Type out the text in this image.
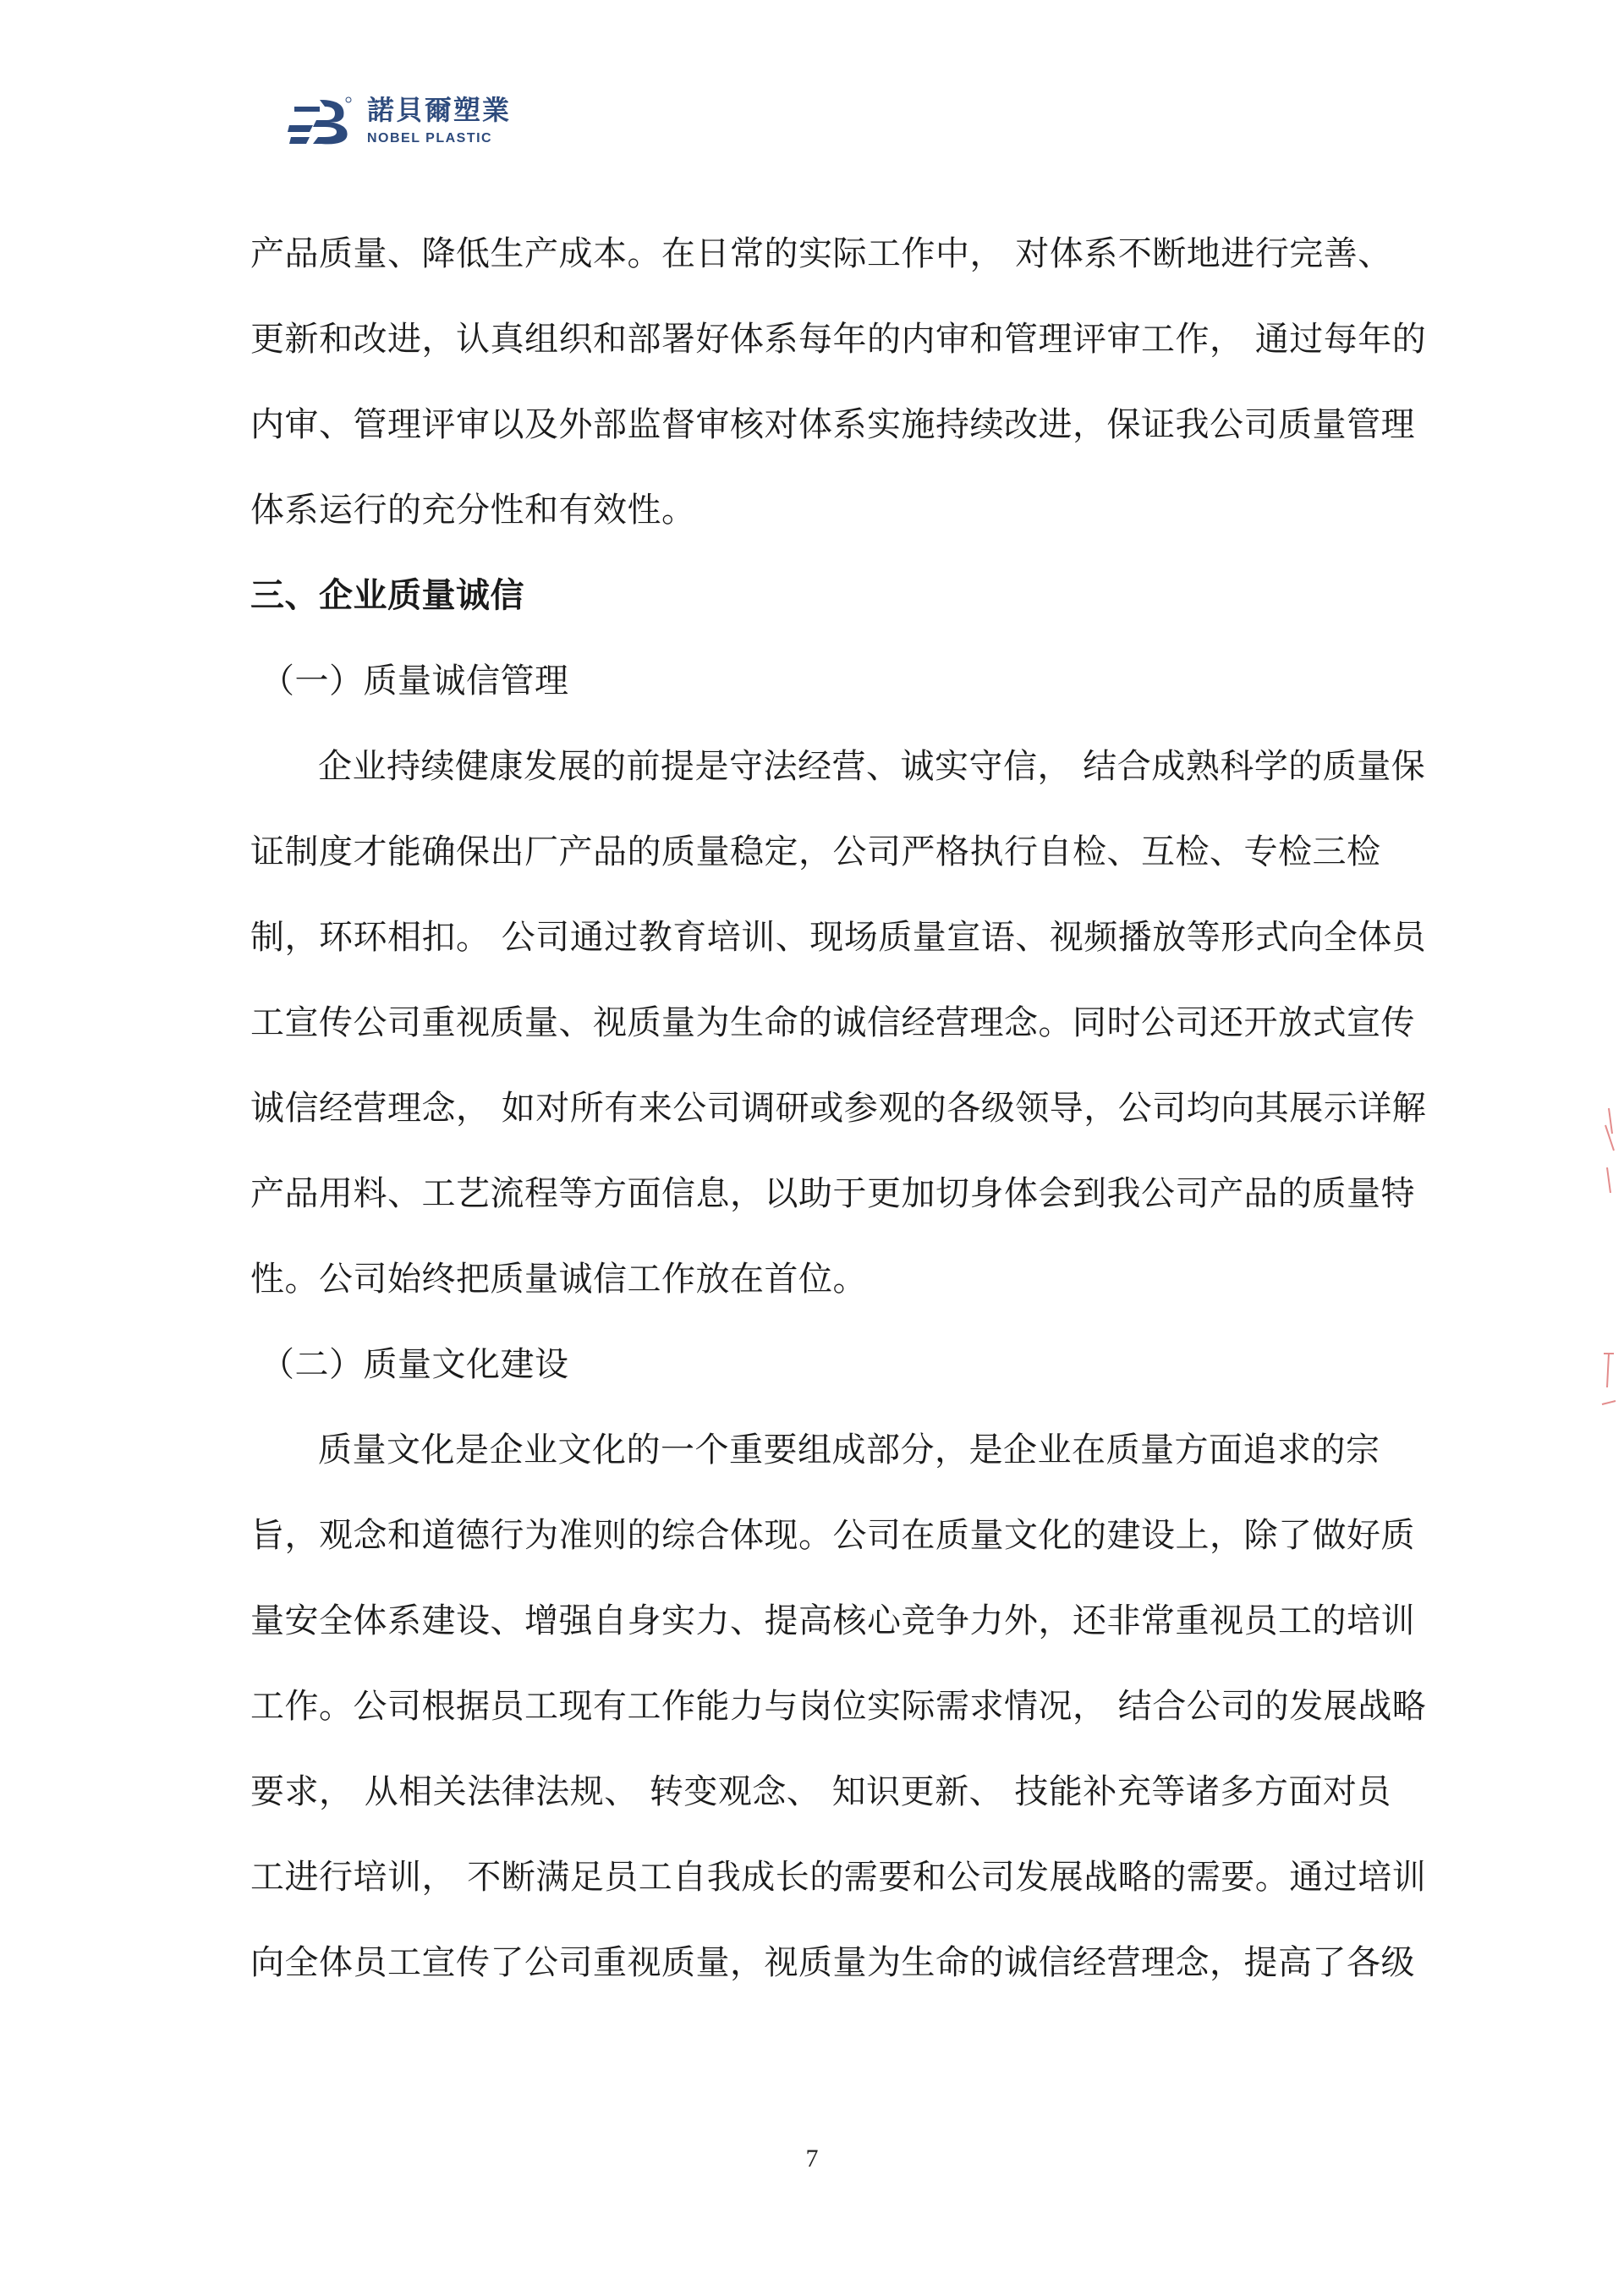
諾貝爾塑業
NOBEL PLASTIC
产品质量、降低生产成本。在日常的实际工作中， 对体系不断地进行完善、
更新和改进，认真组织和部署好体系每年的内审和管理评审工作， 通过每年的
内审、管理评审以及外部监督审核对体系实施持续改进，保证我公司质量管理
体系运行的充分性和有效性。
三、企业质量诚信
（一）质量诚信管理
企业持续健康发展的前提是守法经营、诚实守信， 结合成熟科学的质量保
证制度才能确保出厂产品的质量稳定，公司严格执行自检、互检、专检三检
制，环环相扣。 公司通过教育培训、现场质量宣语、视频播放等形式向全体员
工宣传公司重视质量、视质量为生命的诚信经营理念。同时公司还开放式宣传
诚信经营理念， 如对所有来公司调研或参观的各级领导，公司均向其展示详解
产品用料、工艺流程等方面信息，以助于更加切身体会到我公司产品的质量特
性。公司始终把质量诚信工作放在首位。
（二）质量文化建设
质量文化是企业文化的一个重要组成部分，是企业在质量方面追求的宗
旨，观念和道德行为准则的综合体现。公司在质量文化的建设上，除了做好质
量安全体系建设、增强自身实力、提高核心竞争力外，还非常重视员工的培训
工作。公司根据员工现有工作能力与岗位实际需求情况， 结合公司的发展战略
要求， 从相关法律法规、 转变观念、 知识更新、 技能补充等诸多方面对员
工进行培训， 不断满足员工自我成长的需要和公司发展战略的需要。通过培训
向全体员工宣传了公司重视质量，视质量为生命的诚信经营理念，提高了各级
7
